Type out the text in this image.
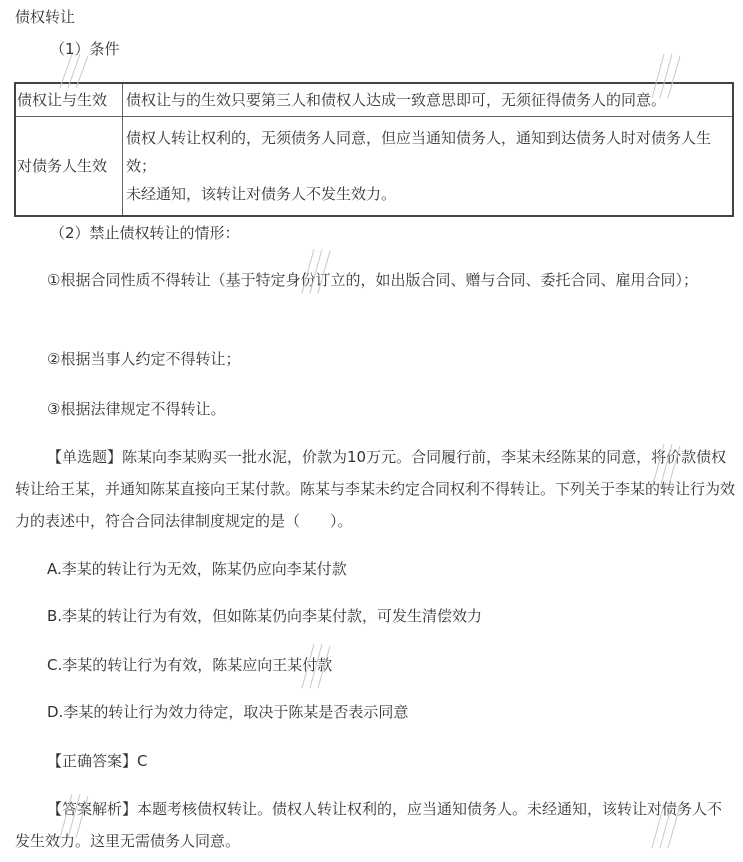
债权转让
（1）条件
债权让与生效	债权让与的生效只要第三人和债权人达成一致意思即可，无须征得债务人的同意。

对债务人生效	债权人转让权利的，无须债务人同意，但应当通知债务人，通知到达债务人时对债务人生效；
未经通知，该转让对债务人不发生效力。
（2）禁止债权转让的情形：
①根据合同性质不得转让（基于特定身份订立的，如出版合同、赠与合同、委托合同、雇用合同）；
②根据当事人约定不得转让；
③根据法律规定不得转让。
【单选题】陈某向李某购买一批水泥，价款为10万元。合同履行前，李某未经陈某的同意，将价款债权转让给王某，并通知陈某直接向王某付款。陈某与李某未约定合同权利不得转让。下列关于李某的转让行为效力的表述中，符合合同法律制度规定的是（　　）。
A.李某的转让行为无效，陈某仍应向李某付款
B.李某的转让行为有效，但如陈某仍向李某付款，可发生清偿效力
C.李某的转让行为有效，陈某应向王某付款
D.李某的转让行为效力待定，取决于陈某是否表示同意
【正确答案】C
【答案解析】本题考核债权转让。债权人转让权利的，应当通知债务人。未经通知，该转让对债务人不发生效力。这里无需债务人同意。
